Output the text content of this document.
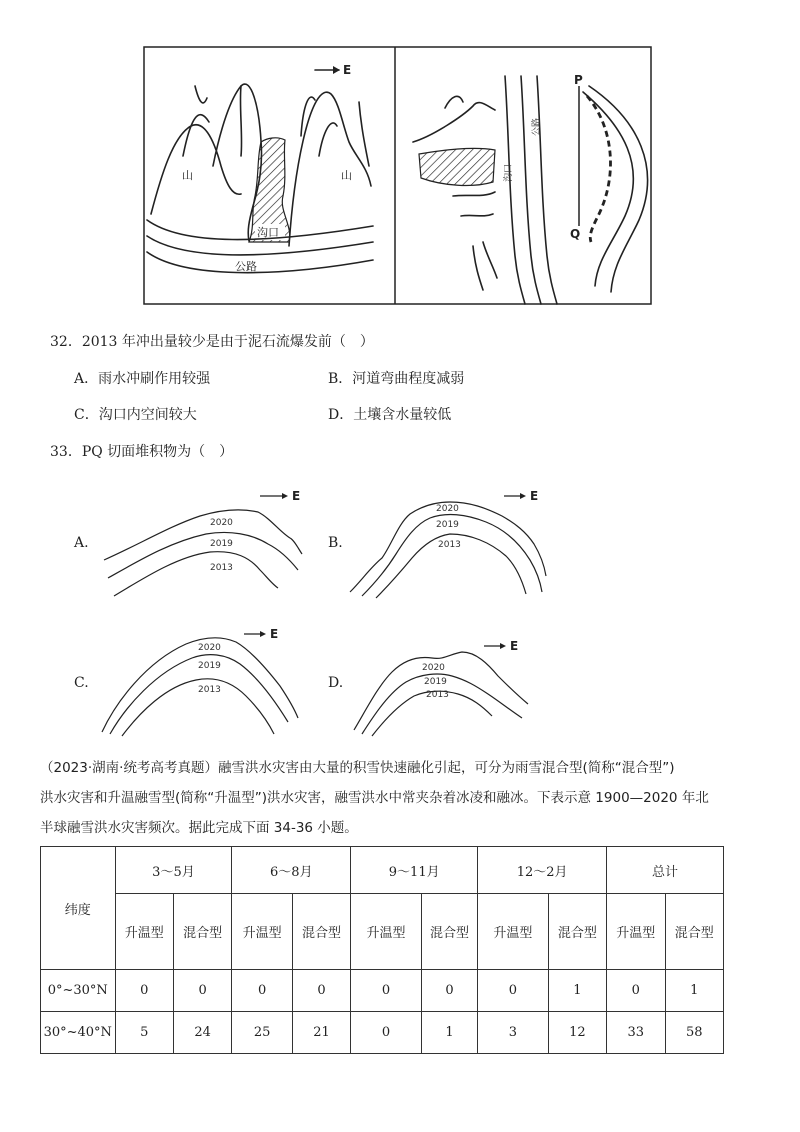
沟口
山	山
E
公路
沟口
公路
P
Q
32．2013 年冲出量较少是由于泥石流爆发前（　）
A．雨水冲刷作用较强	B．河道弯曲程度减弱
C．沟口内空间较大	D．土壤含水量较低
33．PQ 切面堆积物为（　）
A.
E
2020
2019
2013
B.
E
2020
2019
2013
C.
E
2020
2019
2013	D.
E
2020
2019
2013
（2023·湖南·统考高考真题）融雪洪水灾害由大量的积雪快速融化引起，可分为雨雪混合型(简称“混合型”)
洪水灾害和升温融雪型(简称“升温型”)洪水灾害，融雪洪水中常夹杂着冰凌和融冰。下表示意 1900—2020 年北
半球融雪洪水灾害频次。据此完成下面 34-36 小题。
纬度	3～5月		6～8月		9～11月		12～2月		总计	
	升温型	混合型	升温型	混合型	升温型	混合型	升温型	混合型	升温型	混合型
0°~30°N	0	0	0	0	0	0	0	1	0	1
30°~40°N	5	24	25	21	0	1	3	12	33	58
